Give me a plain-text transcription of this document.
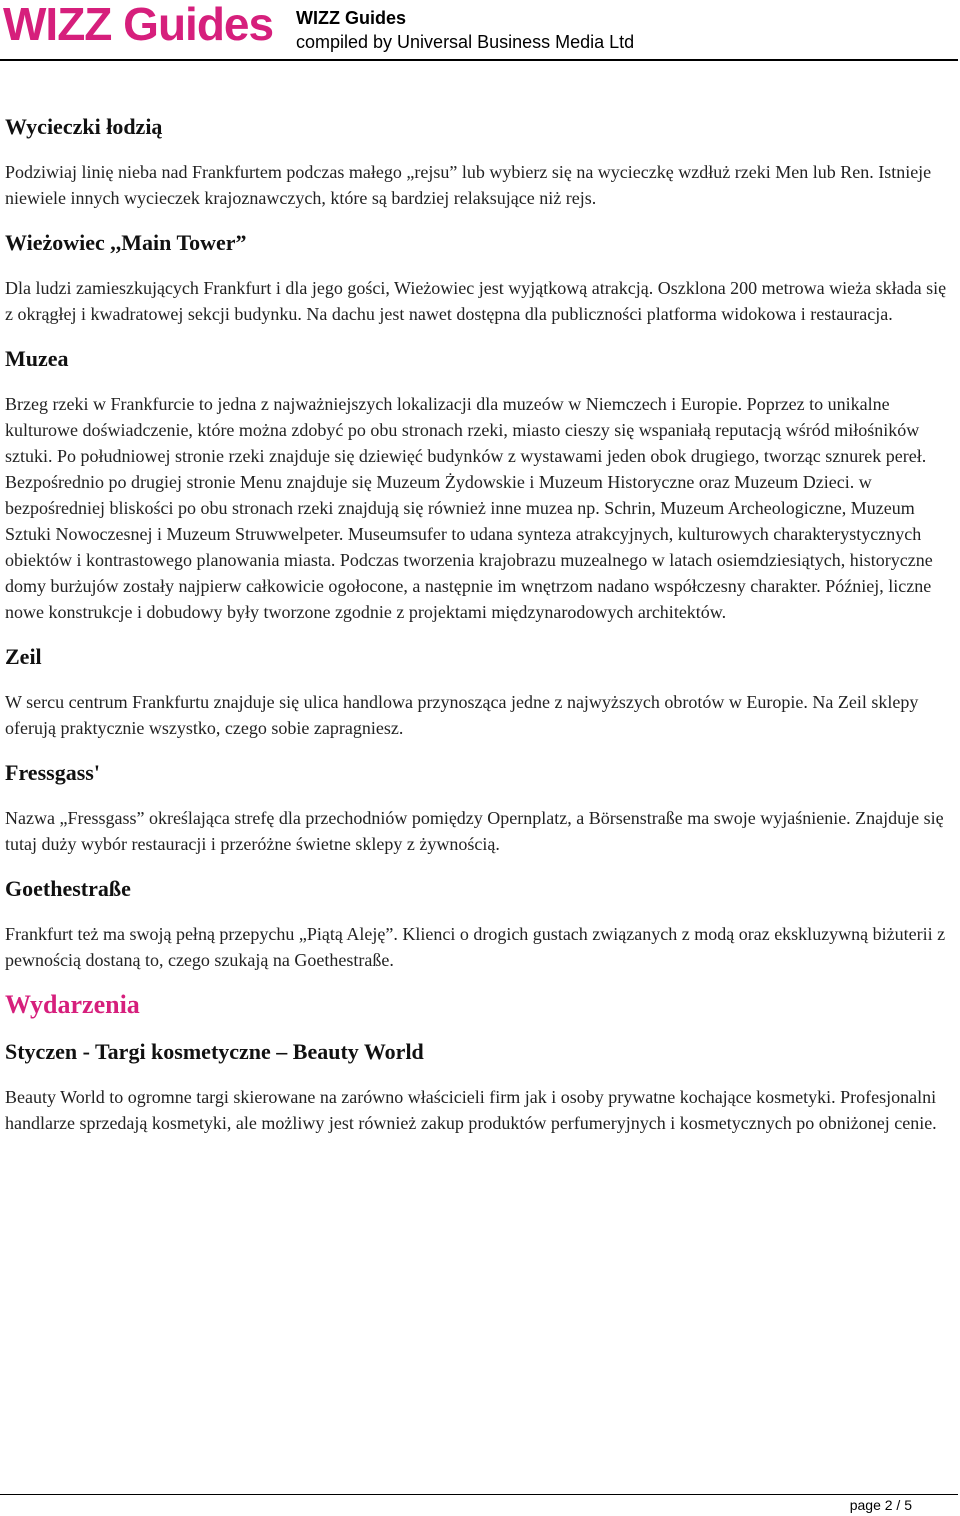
WIZZ Guides WIZZ Guides
compiled by Universal Business Media Ltd
Wycieczki łodzią

Podziwiaj linię nieba nad Frankfurtem podczas małego „rejsu” lub wybierz się na wycieczkę wzdłuż rzeki Men lub Ren. Istnieje niewiele innych wycieczek krajoznawczych, które są bardziej relaksujące niż rejs.

Wieżowiec ,,Main Tower”

Dla ludzi zamieszkujących Frankfurt i dla jego gości, Wieżowiec jest wyjątkową atrakcją. Oszklona 200 metrowa wieża składa się z okrągłej i kwadratowej sekcji budynku. Na dachu jest nawet dostępna dla publiczności platforma widokowa i restauracja.

Muzea

Brzeg rzeki w Frankfurcie to jedna z najważniejszych lokalizacji dla muzeów w Niemczech i Europie. Poprzez to unikalne kulturowe doświadczenie, które można zdobyć po obu stronach rzeki, miasto cieszy się wspaniałą reputacją wśród miłośników sztuki. Po południowej stronie rzeki znajduje się dziewięć budynków z wystawami jeden obok drugiego, tworząc sznurek pereł. Bezpośrednio po drugiej stronie Menu znajduje się Muzeum Żydowskie i Muzeum Historyczne oraz Muzeum Dzieci. w bezpośredniej bliskości po obu stronach rzeki znajdują się również inne muzea np. Schrin, Muzeum Archeologiczne, Muzeum Sztuki Nowoczesnej i Muzeum Struwwelpeter. Museumsufer to udana synteza atrakcyjnych, kulturowych charakterystycznych obiektów i kontrastowego planowania miasta. Podczas tworzenia krajobrazu muzealnego w latach osiemdziesiątych, historyczne domy burżujów zostały najpierw całkowicie ogołocone, a następnie im wnętrzom nadano współczesny charakter. Później, liczne nowe konstrukcje i dobudowy były tworzone zgodnie z projektami międzynarodowych architektów.

Zeil

W sercu centrum Frankfurtu znajduje się ulica handlowa przynosząca jedne z najwyższych obrotów w Europie. Na Zeil sklepy oferują praktycznie wszystko, czego sobie zapragniesz.

Fressgass'

Nazwa „Fressgass” określająca strefę dla przechodniów pomiędzy Opernplatz, a Börsenstraße ma swoje wyjaśnienie. Znajduje się tutaj duży wybór restauracji i przeróżne świetne sklepy z żywnością.

Goethestraße

Frankfurt też ma swoją pełną przepychu „Piątą Aleję”. Klienci o drogich gustach związanych z modą oraz ekskluzywną biżuterii z pewnością dostaną to, czego szukają na Goethestraße.

Wydarzenia
Styczen - Targi kosmetyczne – Beauty World

Beauty World to ogromne targi skierowane na zarówno właścicieli firm jak i osoby prywatne kochające kosmetyki. Profesjonalni handlarze sprzedają kosmetyki, ale możliwy jest również zakup produktów perfumeryjnych i kosmetycznych po obniżonej cenie.

page 2 / 5
